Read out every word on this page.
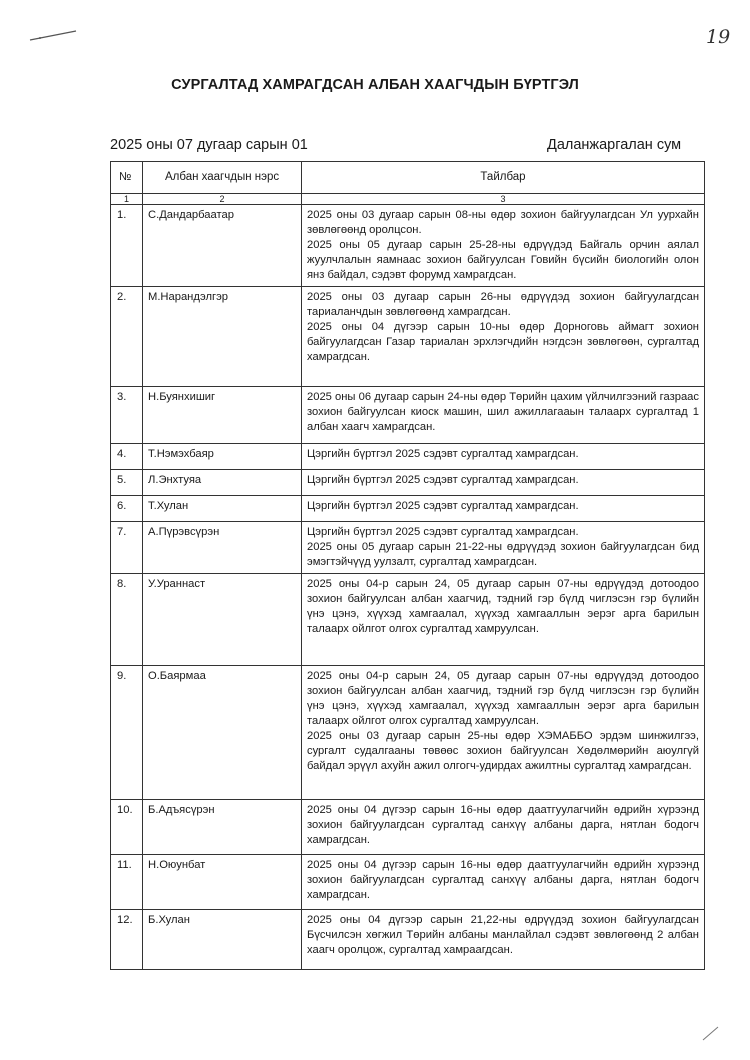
19
СУРГАЛТАД ХАМРАГДСАН АЛБАН ХААГЧДЫН БҮРТГЭЛ
2025 оны 07 дугаар сарын 01	Даланжаргалан сум
№	Албан хаагчдын нэрс	Тайлбар
1	2	3
1.	С.Дандарбаатар	2025 оны 03 дугаар сарын 08-ны өдөр зохион байгуулагдсан Ул уурхайн зөвлөгөөнд оролцсон.
2025 оны 05 дугаар сарын 25-28-ны өдрүүдэд Байгаль орчин аялал жуулчлалын яамнаас зохион байгуулсан Говийн бүсийн биологийн олон янз байдал, сэдэвт форумд хамрагдсан.

2.	М.Нарандэлгэр	2025 оны 03 дугаар сарын 26-ны өдрүүдэд зохион байгуулагдсан тариаланчдын зөвлөгөөнд хамрагдсан.
2025 оны 04 дүгээр сарын 10-ны өдөр Дорноговь аймагт зохион байгуулагдсан Газар тариалан эрхлэгчдийн нэгдсэн зөвлөгөөн, сургалтад хамрагдсан.

3.	Н.Буянхишиг	2025 оны 06 дугаар сарын 24-ны өдөр Төрийн цахим үйлчилгээний газраас зохион байгуулсан киоск машин, шил ажиллагааын талаарх сургалтад 1 албан хаагч хамрагдсан.

4.	Т.Нэмэхбаяр	Цэргийн бүртгэл 2025 сэдэвт сургалтад хамрагдсан.

5.	Л.Энхтуяа	Цэргийн бүртгэл 2025 сэдэвт сургалтад хамрагдсан.

6.	Т.Хулан	Цэргийн бүртгэл 2025 сэдэвт сургалтад хамрагдсан.

7.	А.Пүрэвсүрэн	Цэргийн бүртгэл 2025 сэдэвт сургалтад хамрагдсан.
2025 оны 05 дугаар сарын 21-22-ны өдрүүдэд зохион байгуулагдсан бид эмэгтэйчүүд уулзалт, сургалтад хамрагдсан.

8.	У.Ураннаст	2025 оны 04-р сарын 24, 05 дугаар сарын 07-ны өдрүүдэд дотоодоо зохион байгуулсан албан хаагчид, тэдний гэр бүлд чиглэсэн гэр бүлийн үнэ цэнэ, хүүхэд хамгаалал, хүүхэд хамгааллын эерэг арга барилын талаарх ойлгот олгох сургалтад хамруулсан.

9.	О.Баярмаа	2025 оны 04-р сарын 24, 05 дугаар сарын 07-ны өдрүүдэд дотоодоо зохион байгуулсан албан хаагчид, тэдний гэр бүлд чиглэсэн гэр бүлийн үнэ цэнэ, хүүхэд хамгаалал, хүүхэд хамгааллын эерэг арга барилын талаарх ойлгот олгох сургалтад хамруулсан.
2025 оны 03 дугаар сарын 25-ны өдөр ХЭМАББО эрдэм шинжилгээ, сургалт судалгааны төвөөс зохион байгуулсан Хөдөлмөрийн аюулгүй байдал эрүүл ахуйн ажил олгогч-удирдах ажилтны сургалтад хамрагдсан.

10.	Б.Адъясүрэн	2025 оны 04 дүгээр сарын 16-ны өдөр даатгуулагчийн өдрийн хүрээнд зохион байгуулагдсан сургалтад санхүү албаны дарга, нятлан бодогч хамрагдсан.

11.	Н.Оюунбат	2025 оны 04 дүгээр сарын 16-ны өдөр даатгуулагчийн өдрийн хүрээнд зохион байгуулагдсан сургалтад санхүү албаны дарга, нятлан бодогч хамрагдсан.

12.	Б.Хулан	2025 оны 04 дүгээр сарын 21,22-ны өдрүүдэд зохион байгуулагдсан Бүсчилсэн хөгжил Төрийн албаны манлайлал сэдэвт зөвлөгөөнд 2 албан хаагч оролцож, сургалтад хамраагдсан.
